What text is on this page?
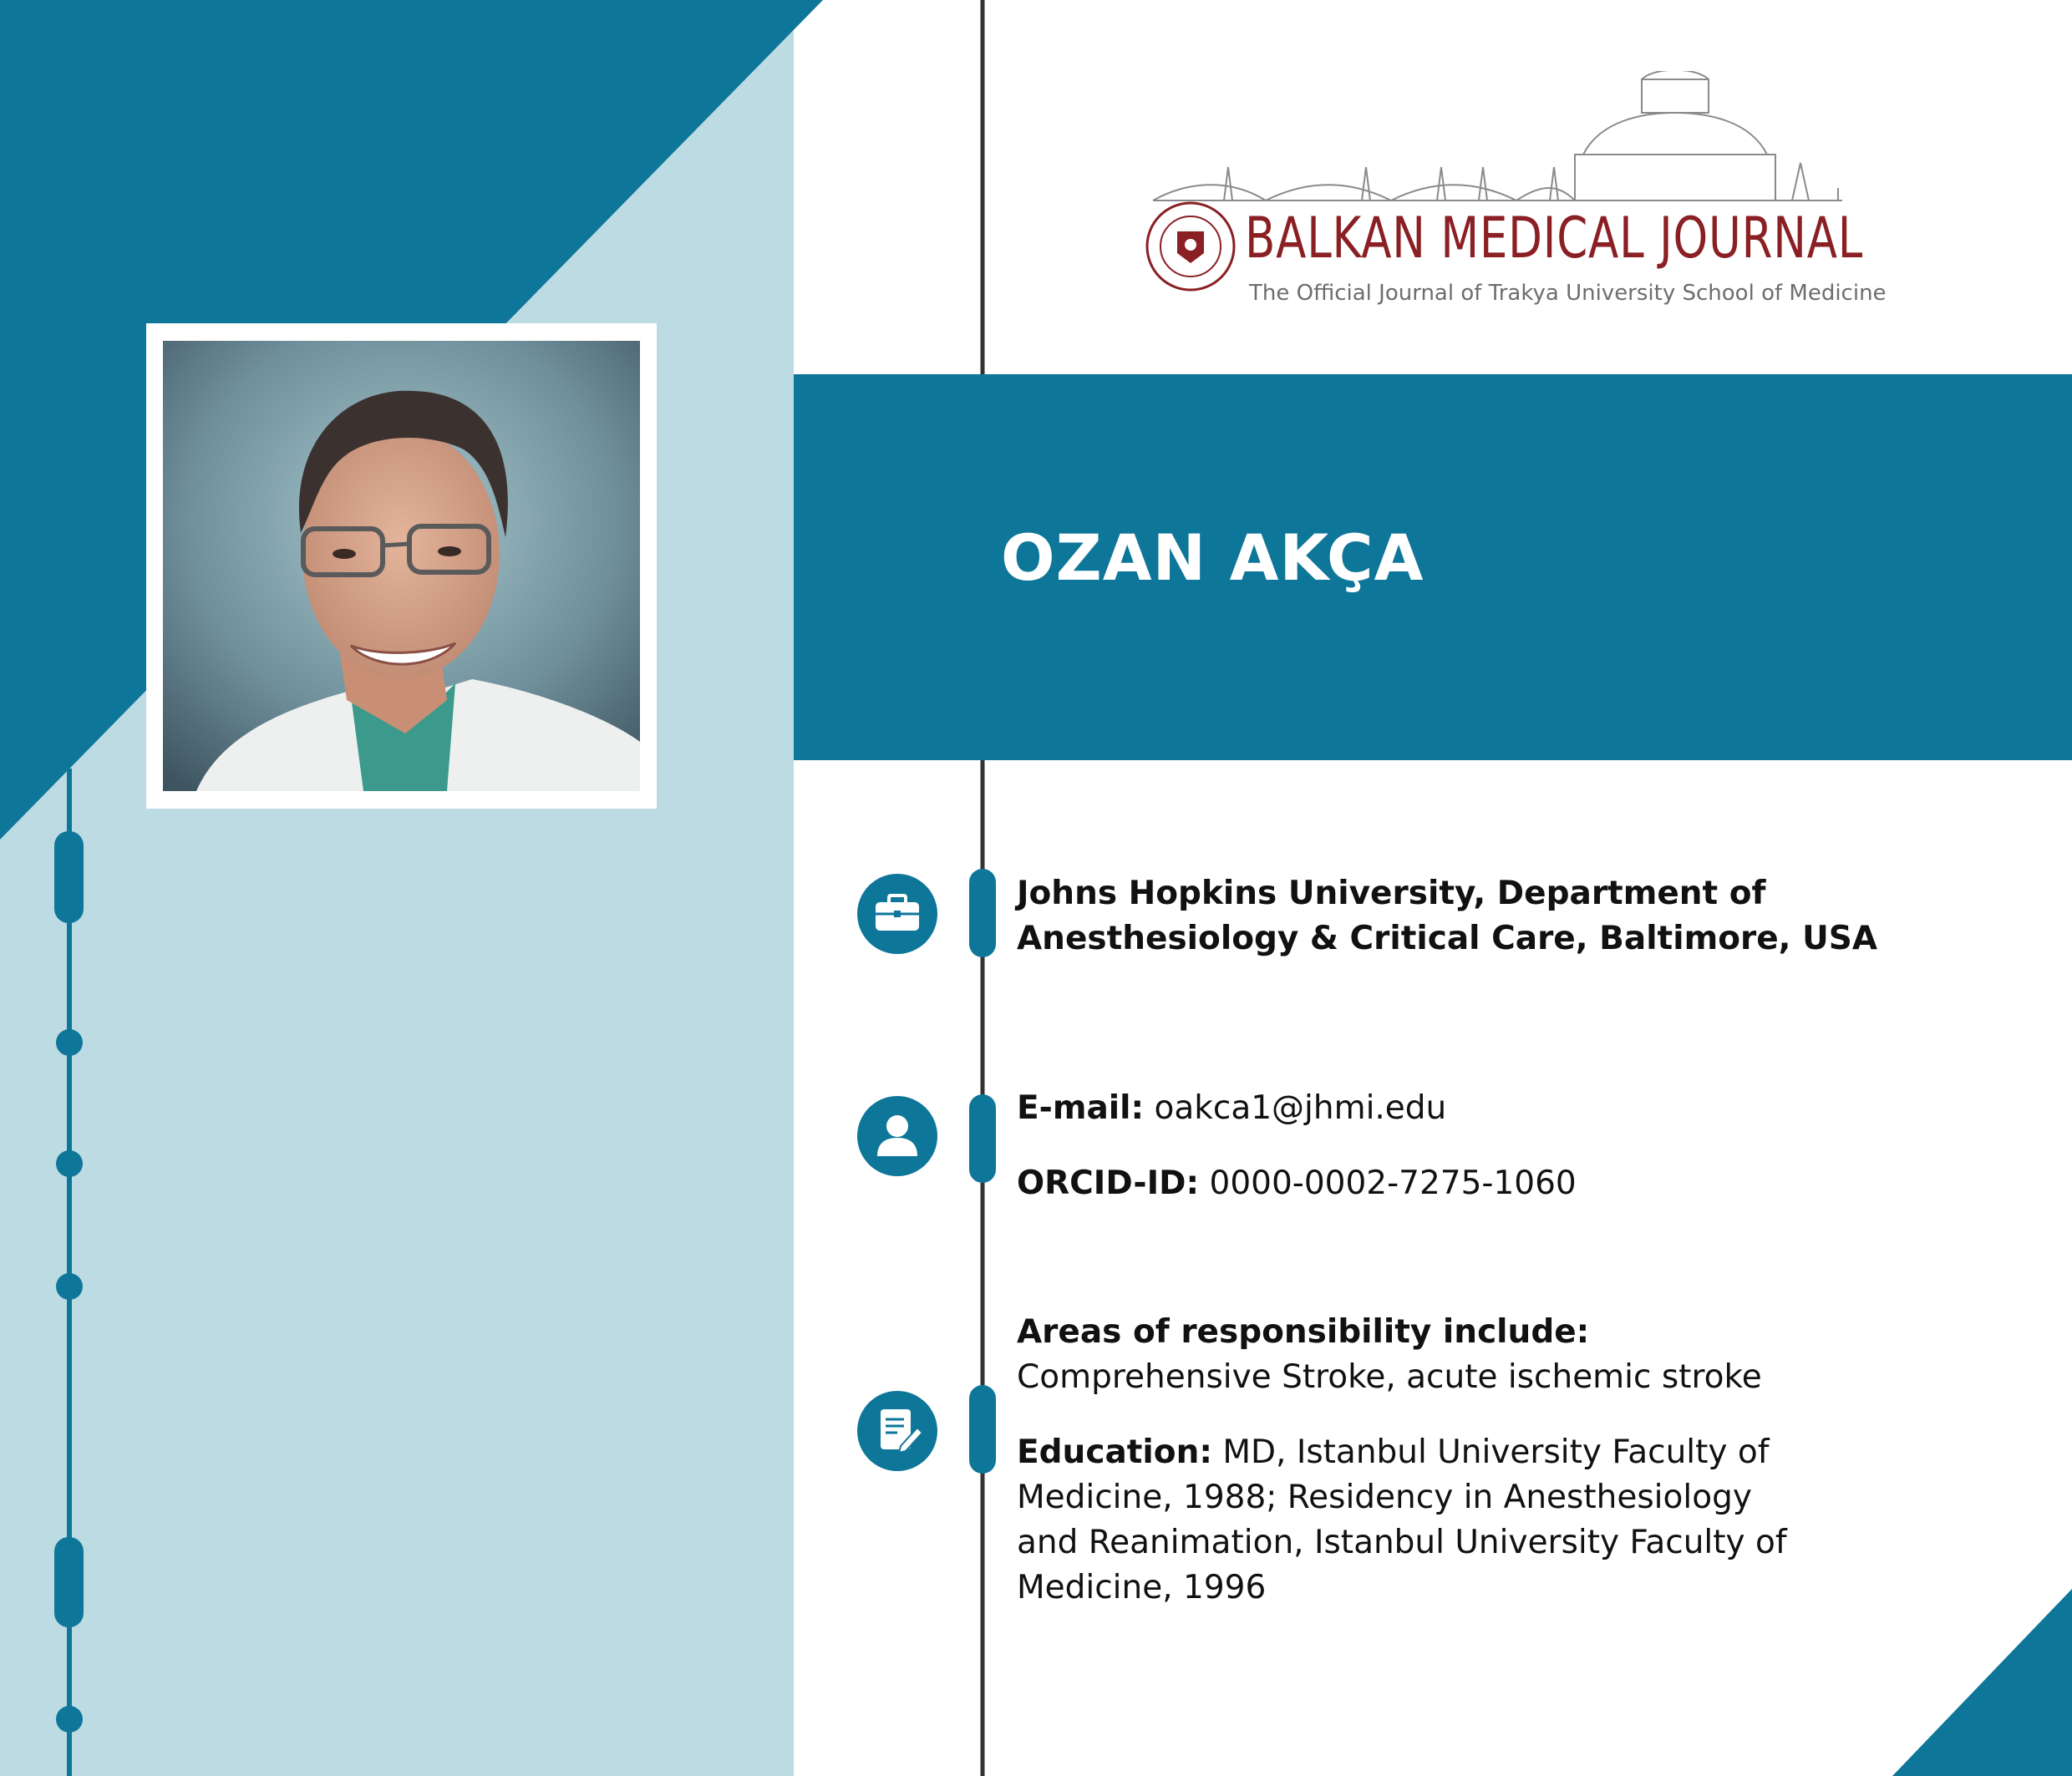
BALKAN MEDICAL JOURNAL
The Official Journal of Trakya University School of Medicine
OZAN AKÇA
Johns Hopkins University, Department of
Anesthesiology & Critical Care, Baltimore, USA
E-mail: oakca1@jhmi.edu
ORCID-ID: 0000-0002-7275-1060
Areas of responsibility include:
Comprehensive Stroke, acute ischemic stroke
Education: MD, Istanbul University Faculty of
Medicine, 1988; Residency in Anesthesiology
and Reanimation, Istanbul University Faculty of
Medicine, 1996
